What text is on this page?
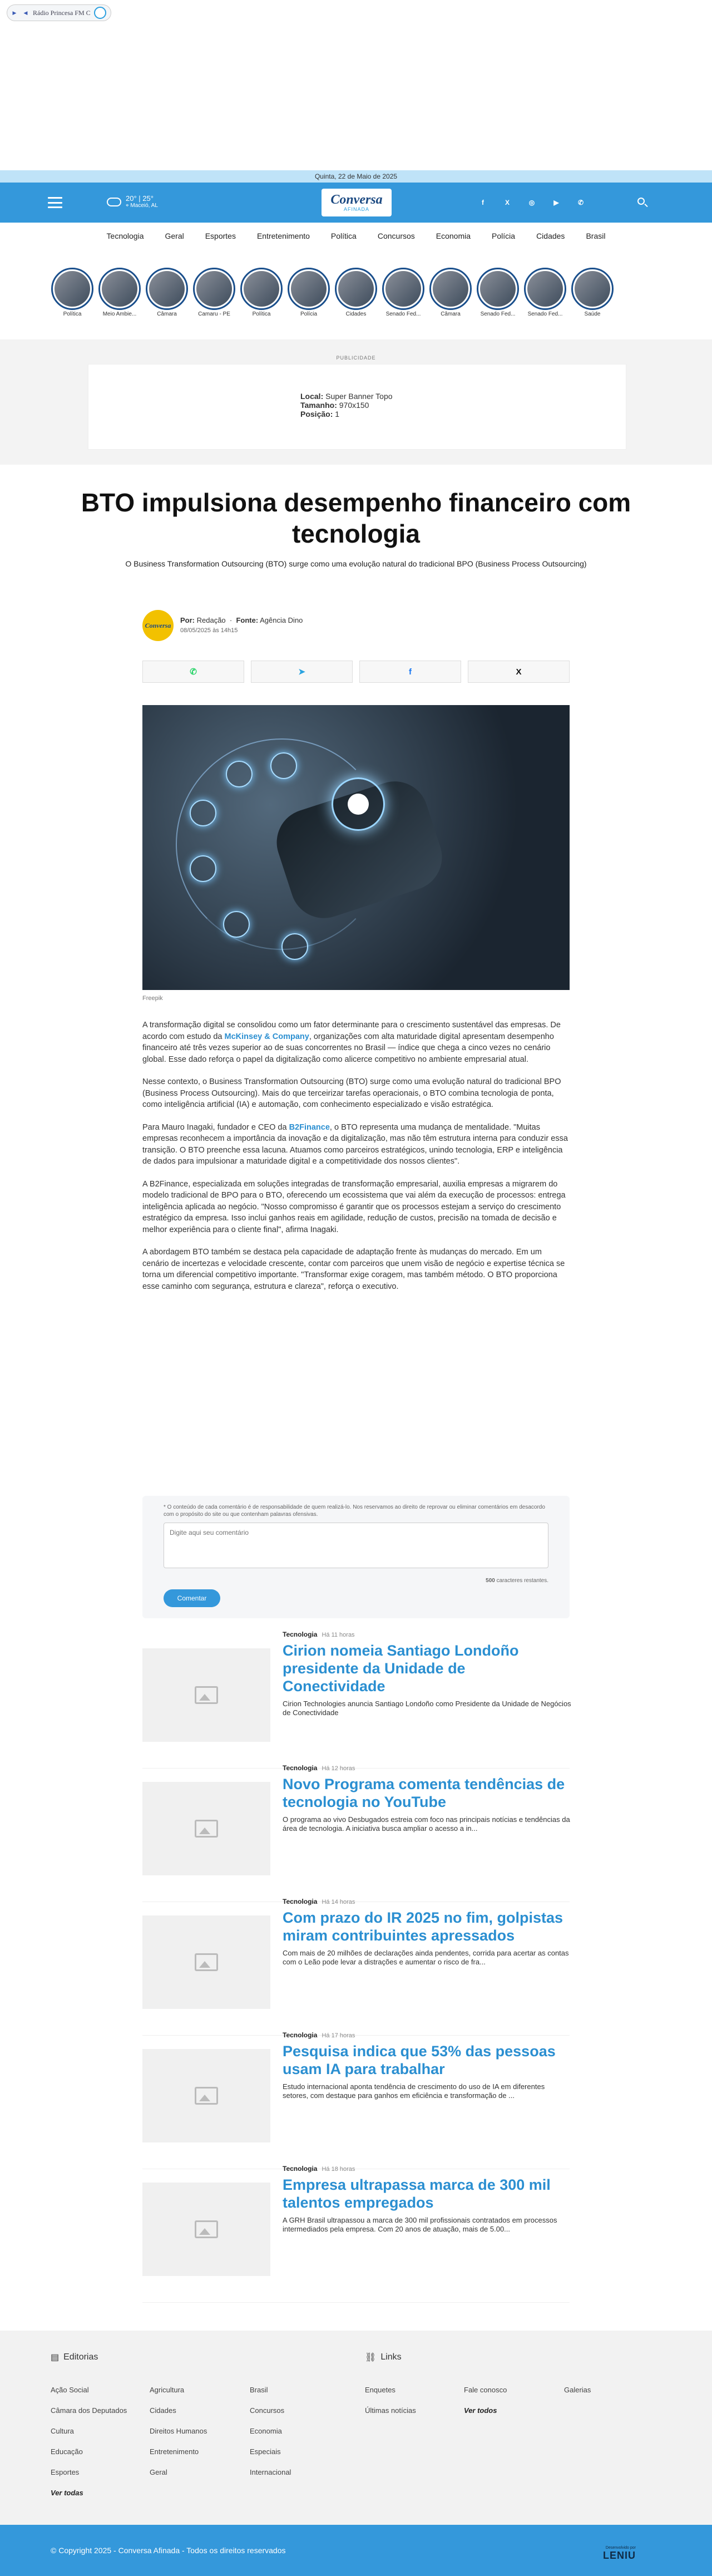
▶	◀ Rádio Princesa FM C
Quinta, 22 de Maio de 2025
20° | 25°
⌖ Maceió, AL	Conversa
AFINADA
f	X	◎	▶	✆
Tecnologia	Geral	Esportes	Entretenimento	Política	Concursos	Economia	Polícia	Cidades	Brasil
Política	Meio Ambie...	Câmara	Camaru - PE	Política	Polícia	Cidades	Senado Fed...	Câmara	Senado Fed...	Senado Fed...	Saúde
PUBLICIDADE
Local: Super Banner Topo
Tamanho: 970x150
Posição: 1
BTO impulsiona desempenho financeiro com tecnologia
O Business Transformation Outsourcing (BTO) surge como uma evolução natural do tradicional BPO (Business Process Outsourcing)
Conversa
Por: Redação  ·  Fonte: Agência Dino
08/05/2025 às 14h15
✆	➤	f	X
Freepik

A transformação digital se consolidou como um fator determinante para o crescimento sustentável das empresas. De acordo com estudo da McKinsey & Company, organizações com alta maturidade digital apresentam desempenho financeiro até três vezes superior ao de suas concorrentes no Brasil — índice que chega a cinco vezes no cenário global. Esse dado reforça o papel da digitalização como alicerce competitivo no ambiente empresarial atual.

Nesse contexto, o Business Transformation Outsourcing (BTO) surge como uma evolução natural do tradicional BPO (Business Process Outsourcing). Mais do que terceirizar tarefas operacionais, o BTO combina tecnologia de ponta, como inteligência artificial (IA) e automação, com conhecimento especializado e visão estratégica.

Para Mauro Inagaki, fundador e CEO da B2Finance, o BTO representa uma mudança de mentalidade. "Muitas empresas reconhecem a importância da inovação e da digitalização, mas não têm estrutura interna para conduzir essa transição. O BTO preenche essa lacuna. Atuamos como parceiros estratégicos, unindo tecnologia, ERP e inteligência de dados para impulsionar a maturidade digital e a competitividade dos nossos clientes".

A B2Finance, especializada em soluções integradas de transformação empresarial, auxilia empresas a migrarem do modelo tradicional de BPO para o BTO, oferecendo um ecossistema que vai além da execução de processos: entrega inteligência aplicada ao negócio. "Nosso compromisso é garantir que os processos estejam a serviço do crescimento estratégico da empresa. Isso inclui ganhos reais em agilidade, redução de custos, precisão na tomada de decisão e melhor experiência para o cliente final", afirma Inagaki.

A abordagem BTO também se destaca pela capacidade de adaptação frente às mudanças do mercado. Em um cenário de incertezas e velocidade crescente, contar com parceiros que unem visão de negócio e expertise técnica se torna um diferencial competitivo importante. "Transformar exige coragem, mas também método. O BTO proporciona esse caminho com segurança, estrutura e clareza", reforça o executivo.

* O conteúdo de cada comentário é de responsabilidade de quem realizá-lo. Nos reservamos ao direito de reprovar ou eliminar comentários em desacordo com o propósito do site ou que contenham palavras ofensivas.
Digite aqui seu comentário
500 caracteres restantes.
Comentar
Tecnologia Há 11 horas
Cirion nomeia Santiago Londoño presidente da Unidade de Conectividade
Cirion Technologies anuncia Santiago Londoño como Presidente da Unidade de Negócios de Conectividade
Tecnologia Há 12 horas
Novo Programa comenta tendências de tecnologia no YouTube
O programa ao vivo Desbugados estreia com foco nas principais notícias e tendências da área de tecnologia. A iniciativa busca ampliar o acesso a in...
Tecnologia Há 14 horas
Com prazo do IR 2025 no fim, golpistas miram contribuintes apressados
Com mais de 20 milhões de declarações ainda pendentes, corrida para acertar as contas com o Leão pode levar a distrações e aumentar o risco de fra...
Tecnologia Há 17 horas
Pesquisa indica que 53% das pessoas usam IA para trabalhar
Estudo internacional aponta tendência de crescimento do uso de IA em diferentes setores, com destaque para ganhos em eficiência e transformação de ...
Tecnologia Há 18 horas
Empresa ultrapassa marca de 300 mil talentos empregados
A GRH Brasil ultrapassou a marca de 300 mil profissionais contratados em processos intermediados pela empresa. Com 20 anos de atuação, mais de 5.00...
▤ Editorias	⛓ Links
Ação Social
Câmara dos Deputados
Cultura
Educação
Esportes
Agricultura
Cidades
Direitos Humanos
Entretenimento
Geral
Brasil
Concursos
Economia
Especiais
Internacional
Ver todas
Enquetes
Últimas notícias
Fale conosco
Ver todos
Galerias
© Copyright 2025 - Conversa Afinada - Todos os direitos reservados	Desenvolvido por
LENIU
